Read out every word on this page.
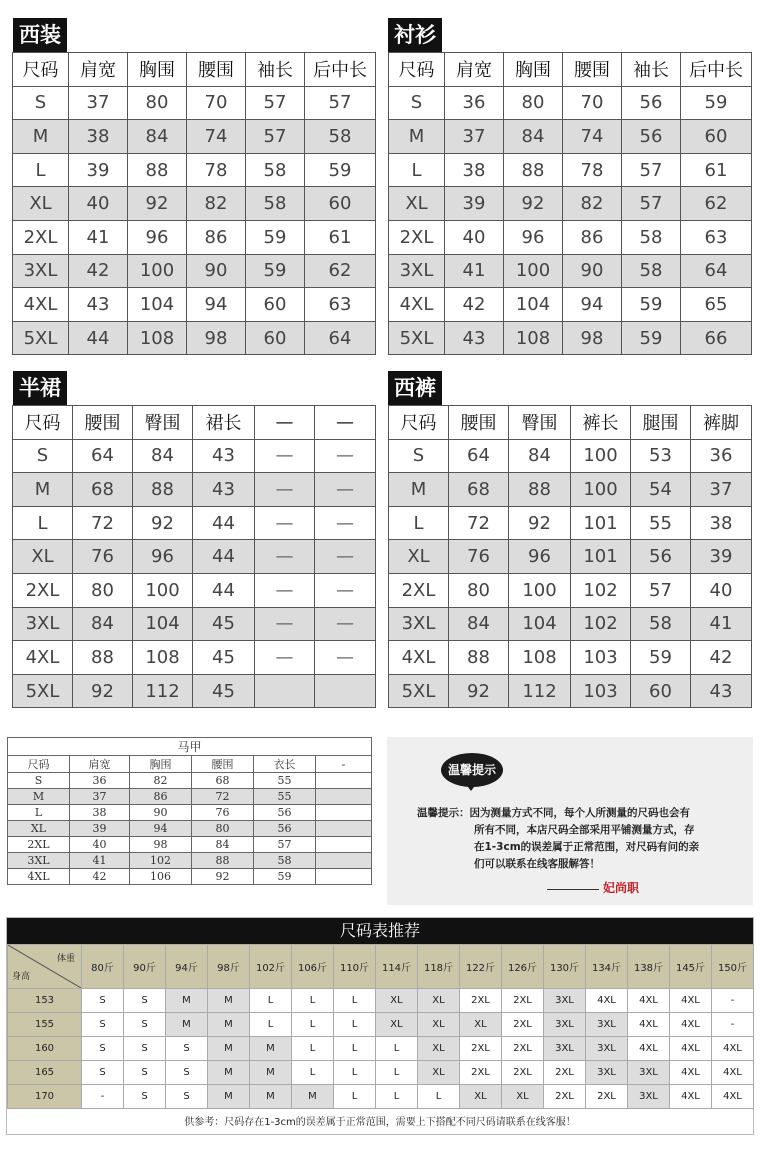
西装
尺码	肩宽	胸围	腰围	袖长	后中长
S	37	80	70	57	57
M	38	84	74	57	58
L	39	88	78	58	59
XL	40	92	82	58	60
2XL	41	96	86	59	61
3XL	42	100	90	59	62
4XL	43	104	94	60	63
5XL	44	108	98	60	64
衬衫
尺码	肩宽	胸围	腰围	袖长	后中长
S	36	80	70	56	59
M	37	84	74	56	60
L	38	88	78	57	61
XL	39	92	82	57	62
2XL	40	96	86	58	63
3XL	41	100	90	58	64
4XL	42	104	94	59	65
5XL	43	108	98	59	66
半裙
尺码	腰围	臀围	裙长	—	—
S	64	84	43	—	—
M	68	88	43	—	—
L	72	92	44	—	—
XL	76	96	44	—	—
2XL	80	100	44	—	—
3XL	84	104	45	—	—
4XL	88	108	45	—	—
5XL	92	112	45		
西裤
尺码	腰围	臀围	裤长	腿围	裤脚
S	64	84	100	53	36
M	68	88	100	54	37
L	72	92	101	55	38
XL	76	96	101	56	39
2XL	80	100	102	57	40
3XL	84	104	102	58	41
4XL	88	108	103	59	42
5XL	92	112	103	60	43
马甲					
尺码	肩宽	胸围	腰围	衣长	-
S	36	82	68	55	
M	37	86	72	55	
L	38	90	76	56	
XL	39	94	80	56	
2XL	40	98	84	57	
3XL	41	102	88	58	
4XL	42	106	92	59	
温馨提示
温馨提示：因为测量方式不同，每个人所测量的尺码也会有
所有不同，本店尺码全部采用平铺测量方式，存
在1-3cm的误差属于正常范围，对尺码有问的亲
们可以联系在线客服解答！
妃尚职
尺码表推荐
体重
身高	80斤	90斤	94斤	98斤	102斤	106斤	110斤	114斤	118斤	122斤	126斤	130斤	134斤	138斤	145斤	150斤
153	S	S	M	M	L	L	L	XL	XL	2XL	2XL	3XL	4XL	4XL	4XL	-
155	S	S	M	M	L	L	L	XL	XL	XL	2XL	3XL	3XL	4XL	4XL	-
160	S	S	S	M	M	L	L	L	XL	2XL	2XL	3XL	3XL	4XL	4XL	4XL
165	S	S	S	M	M	L	L	L	XL	2XL	2XL	2XL	3XL	3XL	4XL	4XL
170	-	S	S	M	M	M	L	L	L	XL	XL	2XL	2XL	3XL	4XL	4XL
供参考：尺码存在1-3cm的误差属于正常范围，需要上下搭配不同尺码请联系在线客服！
